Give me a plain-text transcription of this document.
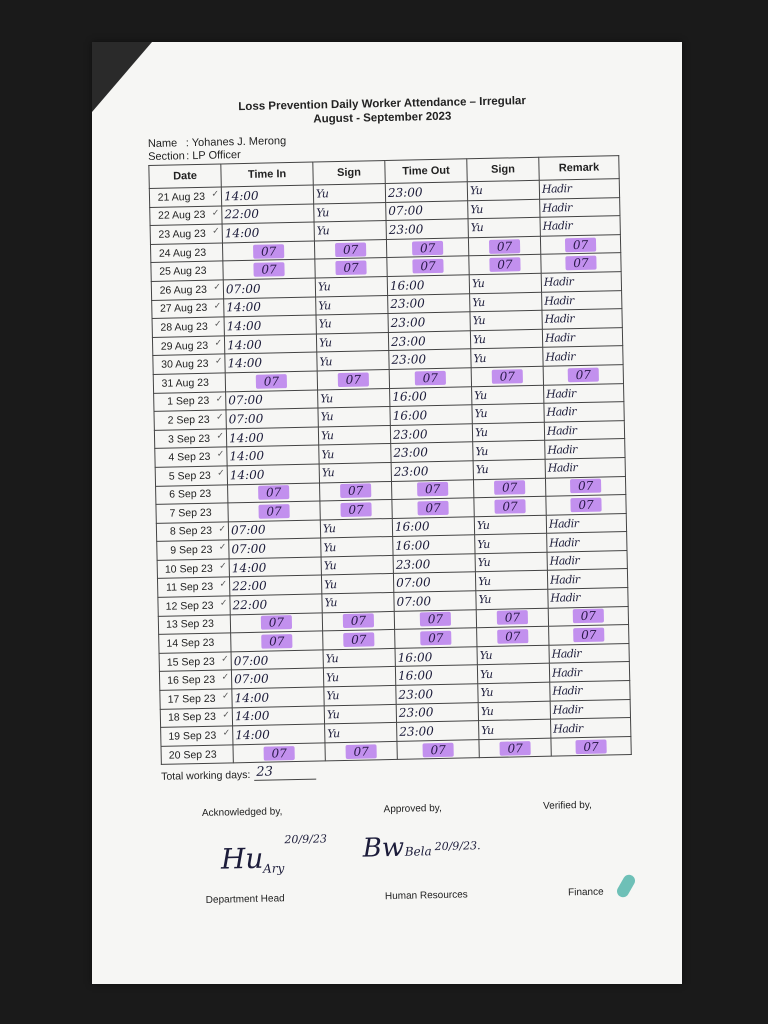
Loss Prevention Daily Worker Attendance – Irregular
August - September 2023
Name : Yohanes J. Merong
Section : LP Officer
Date	Time In	Sign	Time Out	Sign	Remark
21 Aug 23 ✓	14:00	Yu	23:00	Yu	Hadir
22 Aug 23 ✓	22:00	Yu	07:00	Yu	Hadir
23 Aug 23 ✓	14:00	Yu	23:00	Yu	Hadir
24 Aug 23	07	07	07	07	07
25 Aug 23	07	07	07	07	07
26 Aug 23 ✓	07:00	Yu	16:00	Yu	Hadir
27 Aug 23 ✓	14:00	Yu	23:00	Yu	Hadir
28 Aug 23 ✓	14:00	Yu	23:00	Yu	Hadir
29 Aug 23 ✓	14:00	Yu	23:00	Yu	Hadir
30 Aug 23 ✓	14:00	Yu	23:00	Yu	Hadir
31 Aug 23	07	07	07	07	07
1 Sep 23 ✓	07:00	Yu	16:00	Yu	Hadir
2 Sep 23 ✓	07:00	Yu	16:00	Yu	Hadir
3 Sep 23 ✓	14:00	Yu	23:00	Yu	Hadir
4 Sep 23 ✓	14:00	Yu	23:00	Yu	Hadir
5 Sep 23 ✓	14:00	Yu	23:00	Yu	Hadir
6 Sep 23	07	07	07	07	07
7 Sep 23	07	07	07	07	07
8 Sep 23 ✓	07:00	Yu	16:00	Yu	Hadir
9 Sep 23 ✓	07:00	Yu	16:00	Yu	Hadir
10 Sep 23 ✓	14:00	Yu	23:00	Yu	Hadir
11 Sep 23 ✓	22:00	Yu	07:00	Yu	Hadir
12 Sep 23 ✓	22:00	Yu	07:00	Yu	Hadir
13 Sep 23	07	07	07	07	07
14 Sep 23	07	07	07	07	07
15 Sep 23 ✓	07:00	Yu	16:00	Yu	Hadir
16 Sep 23 ✓	07:00	Yu	16:00	Yu	Hadir
17 Sep 23 ✓	14:00	Yu	23:00	Yu	Hadir
18 Sep 23 ✓	14:00	Yu	23:00	Yu	Hadir
19 Sep 23 ✓	14:00	Yu	23:00	Yu	Hadir
20 Sep 23	07	07	07	07	07
Total working days: 23
Acknowledged by,	Approved by,	Verified by,
Hu Ary
20/9/23 Bw Bela 20/9/23.
Department Head	Human Resources	Finance
